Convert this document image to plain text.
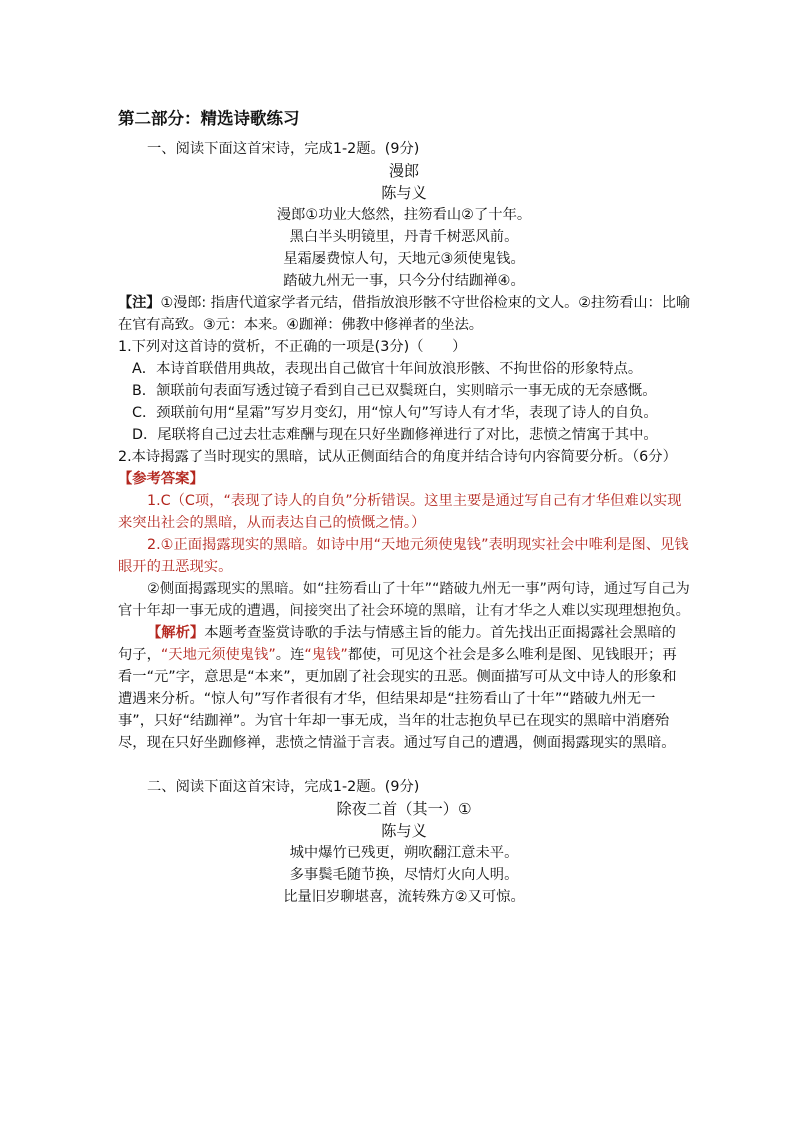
第二部分：精选诗歌练习
一、阅读下面这首宋诗，完成1-2题。(9分)
漫郎
陈与义
漫郎①功业大悠然，拄笏看山②了十年。
黑白半头明镜里，丹青千树恶风前。
星霜屡费惊人句，天地元③须使鬼钱。
踏破九州无一事，只今分付结跏禅④。
【注】①漫郎: 指唐代道家学者元结，借指放浪形骸不守世俗检束的文人。②拄笏看山：比喻在官有高致。③元：本来。④跏禅：佛教中修禅者的坐法。
1.下列对这首诗的赏析，不正确的一项是(3分)（　　）
A．本诗首联借用典故，表现出自己做官十年间放浪形骸、不拘世俗的形象特点。
B．颔联前句表面写透过镜子看到自己已双鬓斑白，实则暗示一事无成的无奈感慨。
C．颈联前句用“星霜”写岁月变幻，用“惊人句”写诗人有才华，表现了诗人的自负。
D．尾联将自己过去壮志难酬与现在只好坐跏修禅进行了对比，悲愤之情寓于其中。
2.本诗揭露了当时现实的黑暗，试从正侧面结合的角度并结合诗句内容简要分析。（6分）
【参考答案】
1.C（C项，“表现了诗人的自负”分析错误。这里主要是通过写自己有才华但难以实现来突出社会的黑暗，从而表达自己的愤慨之情。）
2.①正面揭露现实的黑暗。如诗中用“天地元须使鬼钱”表明现实社会中唯利是图、见钱眼开的丑恶现实。
②侧面揭露现实的黑暗。如“拄笏看山了十年”“踏破九州无一事”两句诗，通过写自己为官十年却一事无成的遭遇，间接突出了社会环境的黑暗，让有才华之人难以实现理想抱负。
【解析】本题考查鉴赏诗歌的手法与情感主旨的能力。首先找出正面揭露社会黑暗的句子，“天地元须使鬼钱”。连“鬼钱”都使，可见这个社会是多么唯利是图、见钱眼开；再看一“元”字，意思是“本来”，更加剧了社会现实的丑恶。侧面描写可从文中诗人的形象和遭遇来分析。“惊人句”写作者很有才华，但结果却是“拄笏看山了十年”“踏破九州无一事”，只好“结跏禅”。为官十年却一事无成，当年的壮志抱负早已在现实的黑暗中消磨殆尽，现在只好坐跏修禅，悲愤之情溢于言表。通过写自己的遭遇，侧面揭露现实的黑暗。
二、阅读下面这首宋诗，完成1-2题。(9分)
除夜二首（其一）①
陈与义
城中爆竹已残更，朔吹翻江意未平。
多事鬓毛随节换，尽情灯火向人明。
比量旧岁聊堪喜，流转殊方②又可惊。
